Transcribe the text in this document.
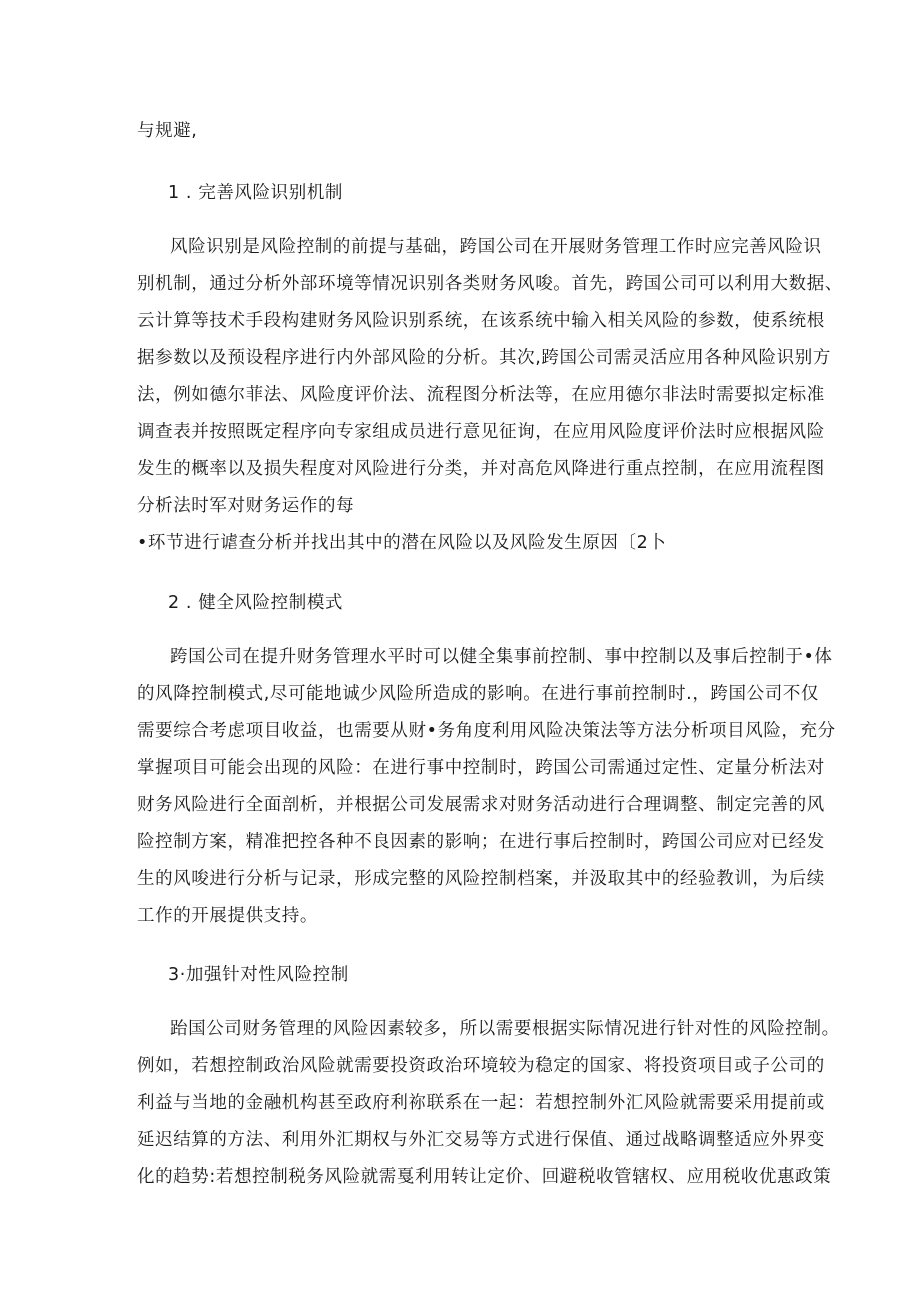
与规避,

1 . 完善风险识别机制

风险识别是风险控制的前提与基础，跨国公司在开展财务管理工作时应完善风险识

别机制，通过分析外部环境等情况识别各类财务风唆。首先，跨国公司可以利用大数据、

云计算等技术手段构建财务风险识别系统，在该系统中输入相关风险的参数，使系统根

据参数以及预设程序进行内外部风险的分析。其次,跨国公司需灵活应用各种风险识别方

法，例如德尔菲法、风险度评价法、流程图分析法等，在应用德尔非法时需要拟定标准

调查表并按照既定程序向专家组成员进行意见征询，在应用风险度评价法时应根据风险

发生的概率以及损失程度对风险进行分类，并对高危风降进行重点控制，在应用流程图

分析法时军对财务运作的每

•环节进行谑查分析并找出其中的潜在风险以及风险发生原因〔2卜

2 . 健全风险控制模式

跨国公司在提升财务管理水平时可以健全集事前控制、事中控制以及事后控制于•体

的风降控制模式,尽可能地诚少风险所造成的影响。在进行事前控制时.，跨国公司不仅

需要综合考虑项目收益，也需要从财•务角度利用风险决策法等方法分析项目风险，充分

掌握项目可能会出现的风险：在进行事中控制时，跨国公司需通过定性、定量分析法对

财务风险进行全面剖析，并根据公司发展需求对财务活动进行合理调整、制定完善的风

险控制方案，精准把控各种不良因素的影响；在进行事后控制时，跨国公司应对已经发

生的风唆进行分析与记录，形成完整的风险控制档案，并汲取其中的经验教训，为后续

工作的开展提供支持。

3·加强针对性风险控制

跆国公司财务管理的风险因素较多，所以需要根据实际情况进行针对性的风险控制。

例如，若想控制政治风险就需要投资政治环境较为稳定的国家、将投资项目或子公司的

利益与当地的金融机构甚至政府利祢联系在一起：若想控制外汇风险就需要采用提前或

延迟结算的方法、利用外汇期权与外汇交易等方式进行保值、通过战略调整适应外界变

化的趋势:若想控制税务风险就需戛利用转让定价、回避税收管辖权、应用税收优惠政策
